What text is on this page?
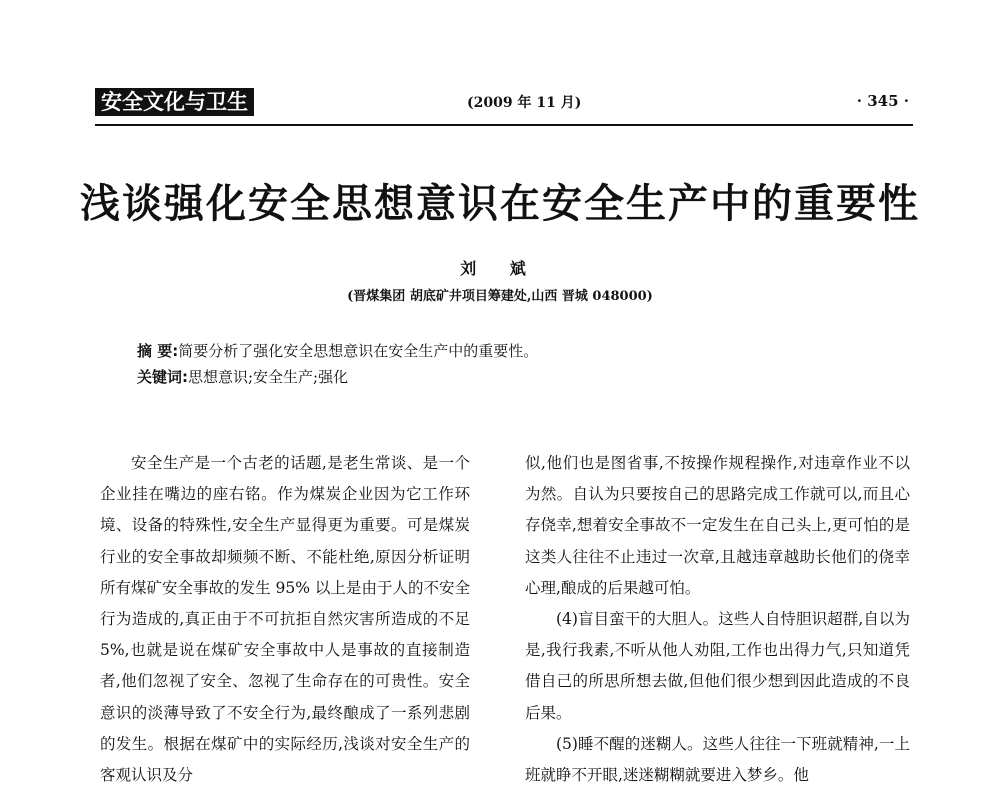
安全文化与卫生	(2009 年 11 月)	· 345 ·
浅谈强化安全思想意识在安全生产中的重要性
刘 斌
(晋煤集团 胡底矿井项目筹建处,山西 晋城 048000)
摘 要:简要分析了强化安全思想意识在安全生产中的重要性。
关键词:思想意识;安全生产;强化

安全生产是一个古老的话题,是老生常谈、是一个企业挂在嘴边的座右铭。作为煤炭企业因为它工作环境、设备的特殊性,安全生产显得更为重要。可是煤炭行业的安全事故却频频不断、不能杜绝,原因分析证明所有煤矿安全事故的发生 95% 以上是由于人的不安全行为造成的,真正由于不可抗拒自然灾害所造成的不足 5%,也就是说在煤矿安全事故中人是事故的直接制造者,他们忽视了安全、忽视了生命存在的可贵性。安全意识的淡薄导致了不安全行为,最终酿成了一系列悲剧的发生。根据在煤矿中的实际经历,浅谈对安全生产的客观认识及分

似,他们也是图省事,不按操作规程操作,对违章作业不以为然。自认为只要按自己的思路完成工作就可以,而且心存侥幸,想着安全事故不一定发生在自己头上,更可怕的是这类人往往不止违过一次章,且越违章越助长他们的侥幸心理,酿成的后果越可怕。

(4)盲目蛮干的大胆人。这些人自恃胆识超群,自以为是,我行我素,不听从他人劝阻,工作也出得力气,只知道凭借自己的所思所想去做,但他们很少想到因此造成的不良后果。

(5)睡不醒的迷糊人。这些人往往一下班就精神,一上班就睁不开眼,迷迷糊糊就要进入梦乡。他
